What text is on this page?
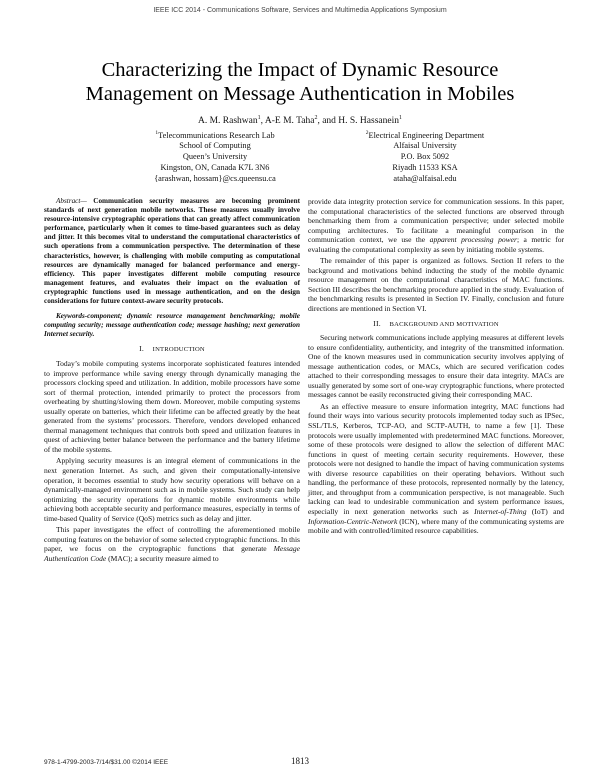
IEEE ICC 2014 - Communications Software, Services and Multimedia Applications Symposium
Characterizing the Impact of Dynamic Resource
Management on Message Authentication in Mobiles
A. M. Rashwan$^1$, A-E M. Taha$^2$, and H. S. Hassanein$^1$
$^1$Telecommunications Research Lab
School of Computing
Queen’s University
Kingston, ON, Canada K7L 3N6
{arashwan, hossam}@cs.queensu.ca
$^2$Electrical Engineering Department
Alfaisal University
P.O. Box 5092
Riyadh 11533 KSA
ataha@alfaisal.edu

Abstract— Communication security measures are becoming prominent standards of next generation mobile networks. These measures usually involve resource-intensive cryptographic operations that can greatly affect communication performance, particularly when it comes to time-based guarantees such as delay and jitter. It this becomes vital to understand the computational characteristics of such operations from a communication perspective. The determination of these characteristics, however, is challenging with mobile computing as computational resources are dynamically managed for balanced performance and energy-efficiency. This paper investigates different mobile computing resource management features, and evaluates their impact on the evaluation of cryptographic functions used in message authentication, and on the design considerations for future context-aware security protocols.

Keywords-component; dynamic resource management benchmarking; mobile computing security; message authentication code; message hashing; next generation Internet security.

I. INTRODUCTION

Today’s mobile computing systems incorporate sophisticated features intended to improve performance while saving energy through dynamically managing the processors clocking speed and utilization. In addition, mobile processors have some sort of thermal protection, intended primarily to protect the processors from overheating by shutting/slowing them down. Moreover, mobile computing systems usually operate on batteries, which their lifetime can be affected greatly by the heat generated from the systems’ processors. Therefore, vendors developed enhanced thermal management techniques that controls both speed and utilization features in quest of achieving better balance between the performance and the battery lifetime of the mobile systems.

Applying security measures is an integral element of communications in the next generation Internet. As such, and given their computationally-intensive operation, it becomes essential to study how security operations will behave on a dynamically-managed environment such as in mobile systems. Such study can help optimizing the security operations for dynamic mobile environments while achieving both acceptable security and performance measures, especially in terms of time-based Quality of Service (QoS) metrics such as delay and jitter.

This paper investigates the effect of controlling the aforementioned mobile computing features on the behavior of some selected cryptographic functions. In this paper, we focus on the cryptographic functions that generate Message Authentication Code (MAC); a security measure aimed to

provide data integrity protection service for communication sessions. In this paper, the computational characteristics of the selected functions are observed through benchmarking them from a communication perspective; under selected mobile computing architectures. To facilitate a meaningful comparison in the communication context, we use the apparent processing power; a metric for evaluating the computational complexity as seen by initiating mobile systems.

The remainder of this paper is organized as follows. Section II refers to the background and motivations behind inducting the study of the mobile dynamic resource management on the computational characteristics of MAC functions. Section III describes the benchmarking procedure applied in the study. Evaluation of the benchmarking results is presented in Section IV. Finally, conclusion and future directions are mentioned in Section VI.

II. BACKGROUND AND MOTIVATION

Securing network communications include applying measures at different levels to ensure confidentiality, authenticity, and integrity of the transmitted information. One of the known measures used in communication security involves applying of message authentication codes, or MACs, which are secured verification codes attached to their corresponding messages to ensure their data integrity. MACs are usually generated by some sort of one-way cryptographic functions, where protected messages cannot be easily reconstructed giving their corresponding MAC.

As an effective measure to ensure information integrity, MAC functions had found their ways into various security protocols implemented today such as IPSec, SSL/TLS, Kerberos, TCP-AO, and SCTP-AUTH, to name a few [1]. These protocols were usually implemented with predetermined MAC functions. Moreover, some of these protocols were designed to allow the selection of different MAC functions in quest of meeting certain security requirements. However, these protocols were not designed to handle the impact of having communication systems with diverse resource capabilities on their operating behaviors. Without such handling, the performance of these protocols, represented normally by the latency, jitter, and throughput from a communication perspective, is not manageable. Such lacking can lead to undesirable communication and system performance issues, especially in next generation networks such as Internet-of-Thing (IoT) and Information-Centric-Network (ICN), where many of the communicating systems are mobile and with controlled/limited resource capabilities.

978-1-4799-2003-7/14/$31.00 ©2014 IEEE	1813
